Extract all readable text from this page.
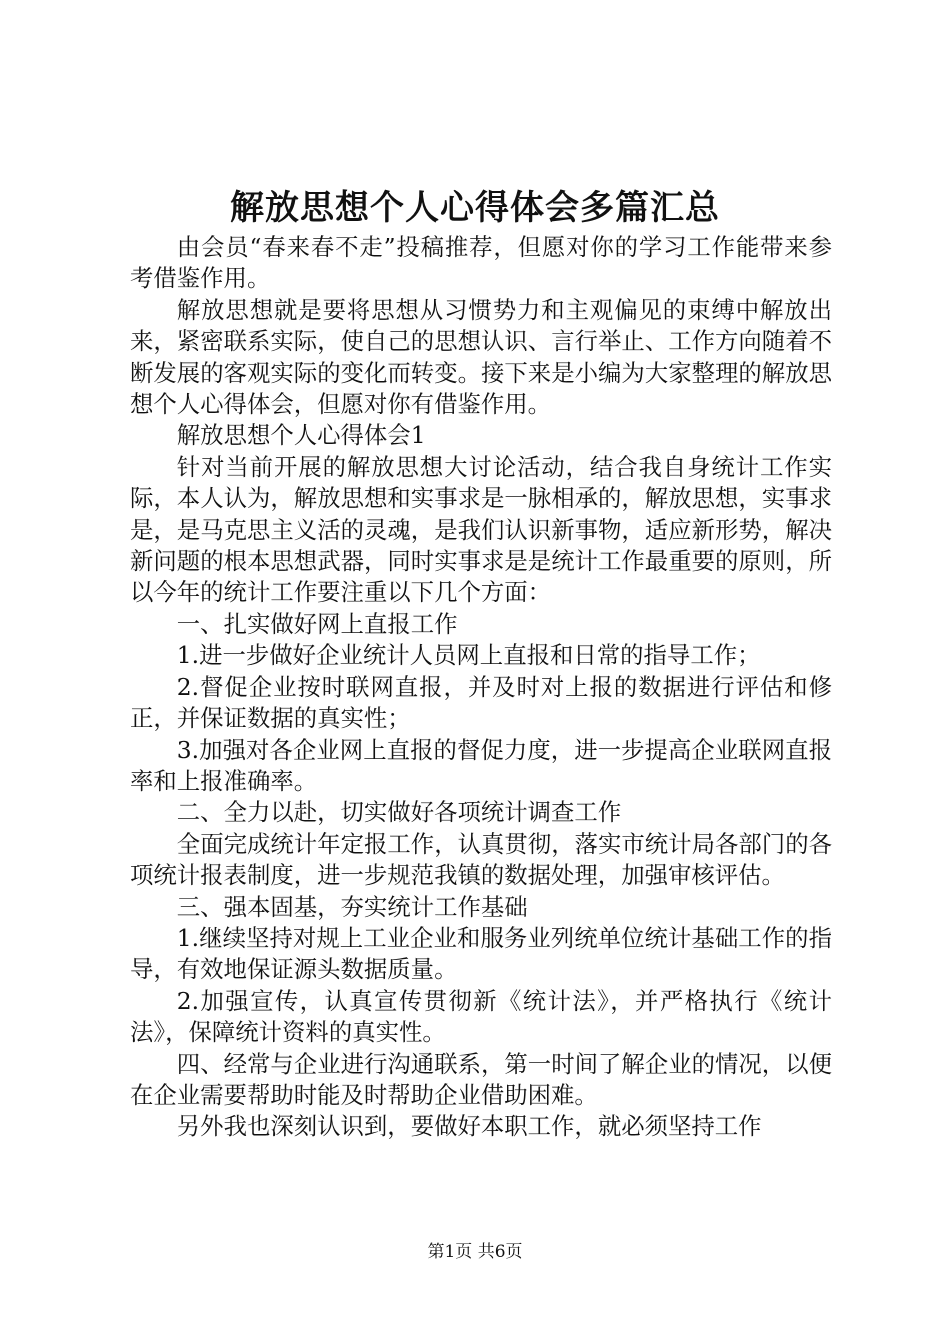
解放思想个人心得体会多篇汇总

由会员“春来春不走”投稿推荐，但愿对你的学习工作能带来参考借鉴作用。

解放思想就是要将思想从习惯势力和主观偏见的束缚中解放出来，紧密联系实际，使自己的思想认识、言行举止、工作方向随着不断发展的客观实际的变化而转变。接下来是小编为大家整理的解放思想个人心得体会，但愿对你有借鉴作用。

解放思想个人心得体会1

针对当前开展的解放思想大讨论活动，结合我自身统计工作实际，本人认为，解放思想和实事求是一脉相承的，解放思想，实事求是，是马克思主义活的灵魂，是我们认识新事物，适应新形势，解决新问题的根本思想武器，同时实事求是是统计工作最重要的原则，所以今年的统计工作要注重以下几个方面：

一、扎实做好网上直报工作

1.进一步做好企业统计人员网上直报和日常的指导工作；

2.督促企业按时联网直报，并及时对上报的数据进行评估和修正，并保证数据的真实性；

3.加强对各企业网上直报的督促力度，进一步提高企业联网直报率和上报准确率。

二、全力以赴，切实做好各项统计调查工作

全面完成统计年定报工作，认真贯彻，落实市统计局各部门的各项统计报表制度，进一步规范我镇的数据处理，加强审核评估。

三、强本固基，夯实统计工作基础

1.继续坚持对规上工业企业和服务业列统单位统计基础工作的指导，有效地保证源头数据质量。

2.加强宣传，认真宣传贯彻新《统计法》，并严格执行《统计法》，保障统计资料的真实性。

四、经常与企业进行沟通联系，第一时间了解企业的情况，以便在企业需要帮助时能及时帮助企业借助困难。

另外我也深刻认识到，要做好本职工作，就必须坚持工作

第1页 共6页
